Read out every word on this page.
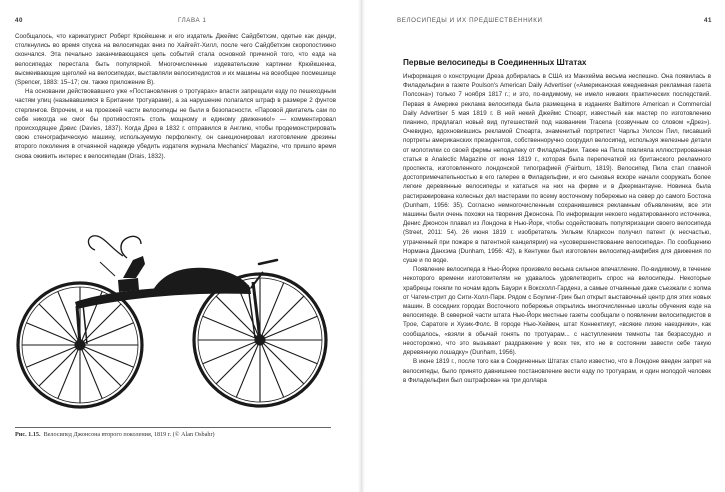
40	ГЛАВА 1

Сообщалось, что карикатурист Роберт Крюйкшенк и его издатель Джеймс Сайдбетхэм, одетые как денди, столкнулись во время спуска на велосипедах вниз по Хайгейт-Хилл, после чего Сайдбетхэм скоропостижно скончался. Эта печально заканчивающаяся цепь событий стала основной причиной того, что езда на велосипедах перестала быть популярной. Многочисленные издевательские картинки Крюйкшенка, высмеивающие щеголей на велосипедах, выставляли велосипедистов и их машины на всеобщее посмешище (Spencer, 1883: 15–17; см. также приложение В).

На основании действовавшего уже «Постановления о тротуарах» власти запрещали езду по пешеходным частям улиц (называвшимся в Британии тротуарами), а за нарушение полагался штраф в размере 2 фунтов стерлингов. Впрочем, и на проезжей части велосипеды не были в безопасности. «Паровой двигатель сам по себе никогда не смог бы противостоять столь мощному и единому движению!» — комментировал происходящее Дэвис (Davies, 1837). Когда Дрез в 1832 г. отправился в Англию, чтобы продемонстрировать свою стенографическую машину, используемую перфоленту, он санкционировал изготовление дрезины второго поколения в отчаянной надежде убедить издателя журнала Mechanics' Magazine, что пришло время снова оживить интерес к велосипедам (Drais, 1832).

Рис. 1.15. Велосипед Джонсона второго поколения, 1819 г. (© Alan Osbahr)
ВЕЛОСИПЕДЫ И ИХ ПРЕДШЕСТВЕННИКИ	41
Первые велосипеды в Соединенных Штатах

Информация о конструкции Дреза добиралась в США из Манхейма весьма неспешно. Она появилась в Филадельфии в газете Poulson's American Daily Advertiser («Американская ежедневная рекламная газета Полсона») только 7 ноября 1817 г.; и это, по-видимому, не имело никаких практических последствий. Первая в Америке реклама велосипеда была размещена в изданиях Baltimore American и Commercial Daily Advertiser 5 мая 1819 г. В ней некий Джеймс Стюарт, известный как мастер по изготовлению пианино, предлагал новый вид путешествий под названием Tracena (созвучным со словом «Дрез»). Очевидно, вдохновившись рекламой Стюарта, знаменитый портретист Чарльз Уилсон Пил, писавший портреты американских президентов, собственноручно соорудил велосипед, используя железные детали от молотилки со своей фермы неподалеку от Филадельфии. Также на Пила повлияла иллюстрированная статья в Analectic Magazine от июня 1819 г., которая была перепечаткой из британского рекламного проспекта, изготовленного лондонской типографией (Fairburn, 1819). Велосипед Пила стал главной достопримечательностью в его галерее в Филадельфии, и его сыновья вскоре начали сооружать более легкие деревянные велосипеды и кататься на них на ферме и в Джермантауне. Новинка была растиражирована колесных дел мастерами по всему восточному побережью на север до самого Бостона (Dunham, 1956: 35). Согласно немногочисленным сохранившимся рекламным объявлениям, все эти машины были очень похожи на творения Джонсона. По информации некоего недатированного источника, Денис Джонсон плавал из Лондона в Нью-Йорк, чтобы содействовать популяризации своего велосипеда (Street, 2011: 54). 26 июня 1819 г. изобретатель Уильям Кларксон получил патент (к несчастью, утраченный при пожаре в патентной канцелярии) на «усовершенствование велосипеда». По сообщению Нормана Данхэма (Dunham, 1956: 42), в Кентукки был изготовлен велосипед-амфибия для движения по суше и по воде.

Появление велосипеда в Нью-Йорке произвело весьма сильное впечатление. По-видимому, в течение некоторого времени изготовителям не удавалось удовлетворить спрос на велосипеды. Некоторые храбрецы гоняли по ночам вдоль Бауэри к Воксхолл-Гарденз, а самые отчаянные даже съезжали с холма от Чатем-стрит до Сити-Холл-Парк. Рядом с Боулинг-Грин был открыт выставочный центр для этих новых машин. В соседних городах Восточного побережья открылись многочисленные школы обучения езде на велосипеде. В северной части штата Нью-Йорк местные газеты сообщали о появлении велосипедистов в Трое, Саратоге и Хузик-Фолс. В городе Нью-Хейвен, штат Коннектикут, «всякие лихие наездники», как сообщалось, «взяли в обычай гонять по тротуарам... с наступлением темноты так безрассудно и неосторожно, что это вызывает раздражение у всех тех, кто не в состоянии завести себе такую деревянную лошадку» (Dunham, 1956).

В июне 1819 г., после того как в Соединенных Штатах стало известно, что в Лондоне введен запрет на велосипеды, было принято давнишнее постановление вести езду по тротуарам, и один молодой человек в Филадельфии был оштрафован на три доллара
